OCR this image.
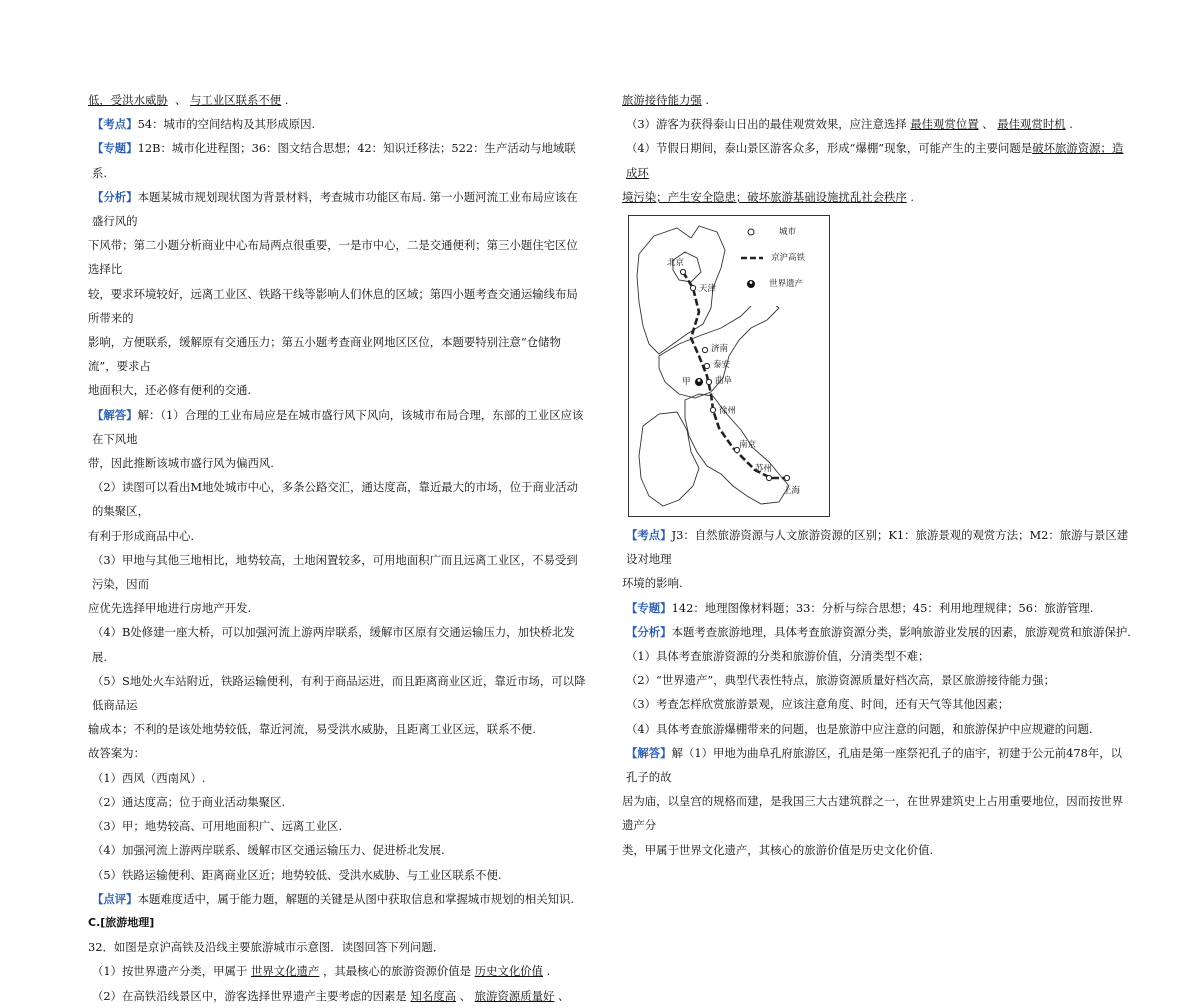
低，受洪水威胁  、 与工业区联系不便 .

【考点】54：城市的空间结构及其形成原因.

【专题】12B：城市化进程图；36：图文结合思想；42：知识迁移法；522：生产活动与地域联系.

【分析】本题某城市规划现状图为背景材料，考查城市功能区布局. 第一小题河流工业布局应该在盛行风的

下风带；第二小题分析商业中心布局两点很重要，一是市中心，二是交通便利；第三小题住宅区位选择比

较，要求环境较好，远离工业区、铁路干线等影响人们休息的区域；第四小题考查交通运输线布局所带来的

影响，方便联系，缓解原有交通压力；第五小题考查商业网地区区位，本题要特别注意“仓储物流”，要求占

地面积大，还必修有便利的交通.

【解答】解：（1）合理的工业布局应是在城市盛行风下风向，该城市布局合理，东部的工业区应该在下风地

带，因此推断该城市盛行风为偏西风.

（2）读图可以看出M地处城市中心，多条公路交汇，通达度高，靠近最大的市场，位于商业活动的集聚区，

有利于形成商品中心.

（3）甲地与其他三地相比，地势较高，土地闲置较多，可用地面积广而且远离工业区，不易受到污染，因而

应优先选择甲地进行房地产开发.

（4）B处修建一座大桥，可以加强河流上游两岸联系，缓解市区原有交通运输压力，加快桥北发展.

（5）S地处火车站附近，铁路运输便利，有利于商品运进，而且距离商业区近，靠近市场，可以降低商品运

输成本；不利的是该处地势较低，靠近河流，易受洪水威胁，且距离工业区远，联系不便.

故答案为：

（1）西风（西南风）.

（2）通达度高；位于商业活动集聚区.

（3）甲；地势较高、可用地面积广、远离工业区.

（4）加强河流上游两岸联系、缓解市区交通运输压力、促进桥北发展.

（5）铁路运输便利、距离商业区近；地势较低、受洪水威胁、与工业区联系不便.

【点评】本题难度适中，属于能力题，解题的关键是从图中获取信息和掌握城市规划的相关知识.

C.[旅游地理]

32．如图是京沪高铁及沿线主要旅游城市示意图．读图回答下列问题．

（1）按世界遗产分类，甲属于 世界文化遗产 ，其最核心的旅游资源价值是 历史文化价值 .

（2）在高铁沿线景区中，游客选择世界遗产主要考虑的因素是 知名度高 、 旅游资源质量好 、

旅游接待能力强 .

（3）游客为获得泰山日出的最佳观赏效果，应注意选择 最佳观赏位置 、 最佳观赏时机 .

（4）节假日期间，泰山景区游客众多，形成“爆棚”现象，可能产生的主要问题是破坏旅游资源；造成环

境污染；产生安全隐患；破坏旅游基础设施扰乱社会秩序 .

城市
京沪高铁
世界遗产
北京
天津
济南
泰安
曲阜
徐州
南京
苏州
上海
甲

【考点】J3：自然旅游资源与人文旅游资源的区别；K1：旅游景观的观赏方法；M2：旅游与景区建设对地理

环境的影响.

【专题】142：地理图像材料题；33：分析与综合思想；45：利用地理规律；56：旅游管理.

【分析】本题考查旅游地理，具体考查旅游资源分类，影响旅游业发展的因素，旅游观赏和旅游保护.

（1）具体考查旅游资源的分类和旅游价值，分清类型不难；

（2）“世界遗产”，典型代表性特点，旅游资源质量好档次高，景区旅游接待能力强；

（3）考查怎样欣赏旅游景观，应该注意角度、时间，还有天气等其他因素；

（4）具体考查旅游爆棚带来的问题，也是旅游中应注意的问题，和旅游保护中应规避的问题.

【解答】解（1）甲地为曲阜孔府旅游区，孔庙是第一座祭祀孔子的庙宇，初建于公元前478年，以孔子的故

居为庙，以皇宫的规格而建，是我国三大古建筑群之一，在世界建筑史上占用重要地位，因而按世界遗产分

类，甲属于世界文化遗产，其核心的旅游价值是历史文化价值.
